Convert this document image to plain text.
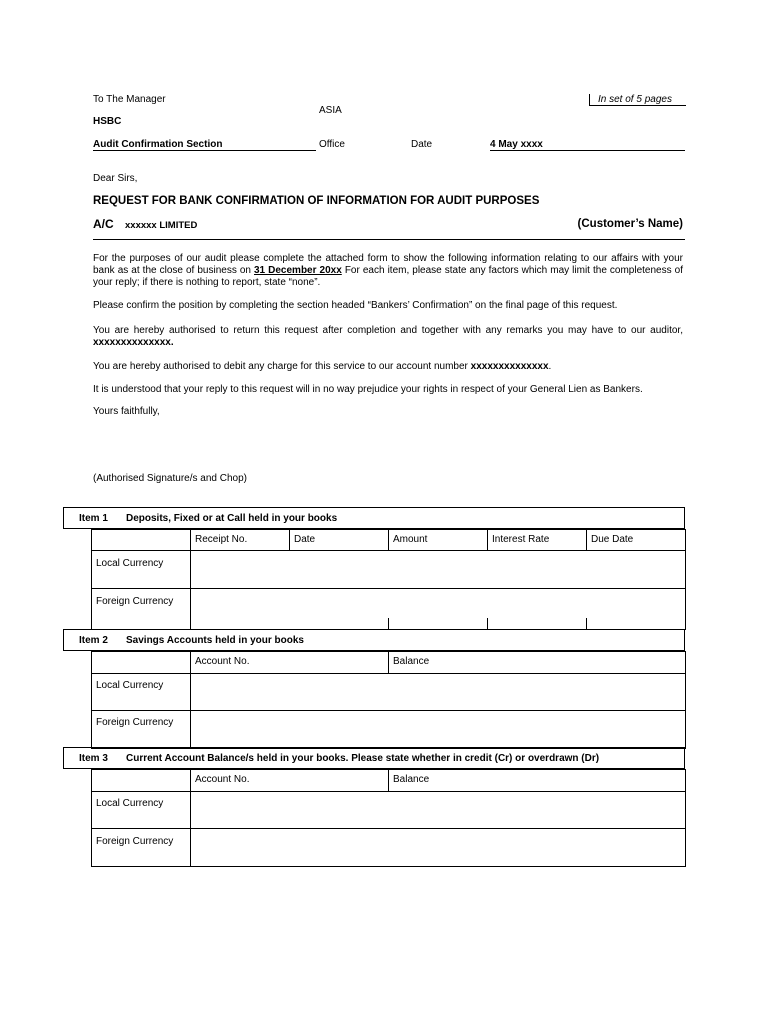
To The Manager
ASIA
In set of 5 pages
HSBC
Audit Confirmation Section	Office	Date	4 May xxxx
Dear Sirs,
REQUEST FOR BANK CONFIRMATION OF INFORMATION FOR AUDIT PURPOSES
A/C xxxxxx LIMITED	(Customer’s Name)
For the purposes of our audit please complete the attached form to show the following information relating to our affairs with your bank as at the close of business on 31 December 20xx For each item, please state any factors which may limit the completeness of your reply; if there is nothing to report, state “none”.
Please confirm the position by completing the section headed “Bankers’ Confirmation” on the final page of this request.
You are hereby authorised to return this request after completion and together with any remarks you may have to our auditor, xxxxxxxxxxxxxx.
You are hereby authorised to debit any charge for this service to our account number xxxxxxxxxxxxxx.
It is understood that your reply to this request will in no way prejudice your rights in respect of your General Lien as Bankers.
Yours faithfully,
(Authorised Signature/s and Chop)
Item 1 Deposits, Fixed or at Call held in your books
Receipt No.	Date	Amount	Interest Rate	Due Date
Local Currency
Foreign Currency
Item 2 Savings Accounts held in your books
Account No.	Balance
Local Currency
Foreign Currency
Item 3 Current Account Balance/s held in your books. Please state whether in credit (Cr) or overdrawn (Dr)
Account No.	Balance
Local Currency
Foreign Currency
